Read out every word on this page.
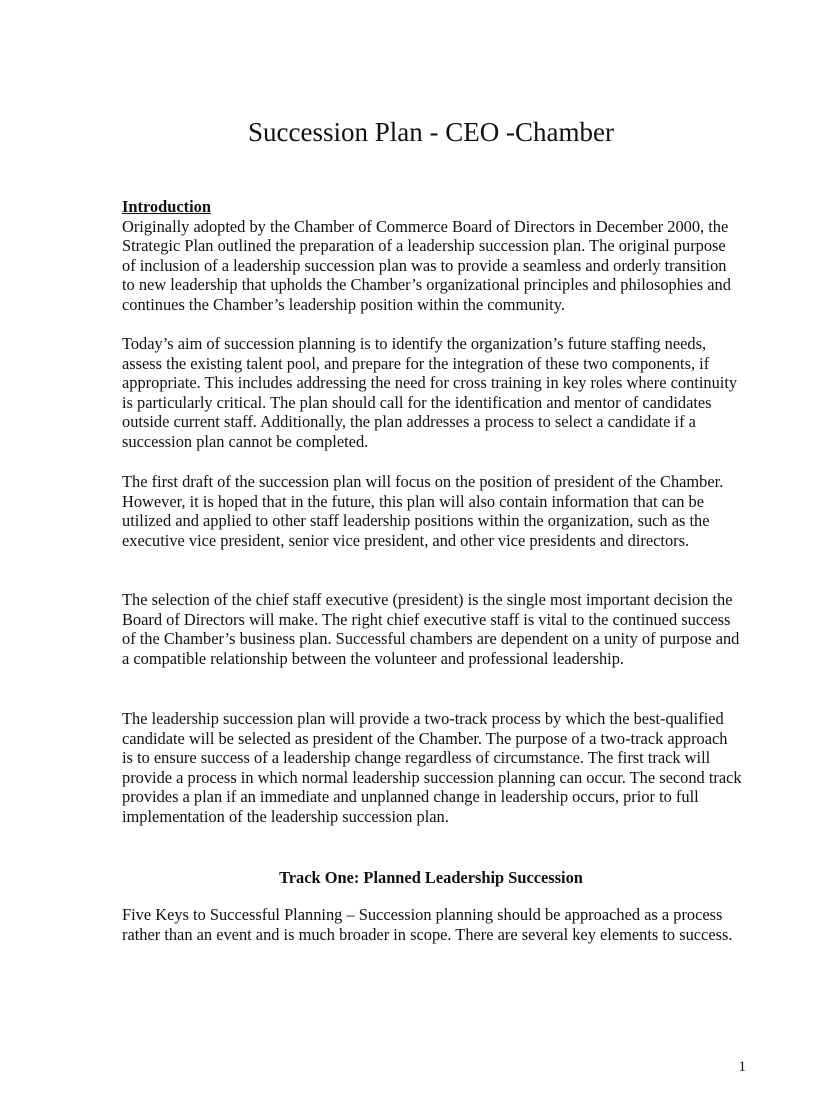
Succession Plan - CEO -Chamber
Introduction
Originally adopted by the Chamber of Commerce Board of Directors in December 2000, the Strategic Plan outlined the preparation of a leadership succession plan. The original purpose of inclusion of a leadership succession plan was to provide a seamless and orderly transition to new leadership that upholds the Chamber’s organizational principles and philosophies and continues the Chamber’s leadership position within the community.

Today’s aim of succession planning is to identify the organization’s future staffing needs, assess the existing talent pool, and prepare for the integration of these two components, if appropriate. This includes addressing the need for cross training in key roles where continuity is particularly critical. The plan should call for the identification and mentor of candidates outside current staff. Additionally, the plan addresses a process to select a candidate if a succession plan cannot be completed.

The first draft of the succession plan will focus on the position of president of the Chamber. However, it is hoped that in the future, this plan will also contain information that can be utilized and applied to other staff leadership positions within the organization, such as the executive vice president, senior vice president, and other vice presidents and directors.

The selection of the chief staff executive (president) is the single most important decision the Board of Directors will make. The right chief executive staff is vital to the continued success of the Chamber’s business plan. Successful chambers are dependent on a unity of purpose and a compatible relationship between the volunteer and professional leadership.

The leadership succession plan will provide a two-track process by which the best-qualified candidate will be selected as president of the Chamber. The purpose of a two-track approach is to ensure success of a leadership change regardless of circumstance. The first track will provide a process in which normal leadership succession planning can occur. The second track provides a plan if an immediate and unplanned change in leadership occurs, prior to full implementation of the leadership succession plan.

Track One: Planned Leadership Succession

Five Keys to Successful Planning – Succession planning should be approached as a process rather than an event and is much broader in scope. There are several key elements to success.

1
